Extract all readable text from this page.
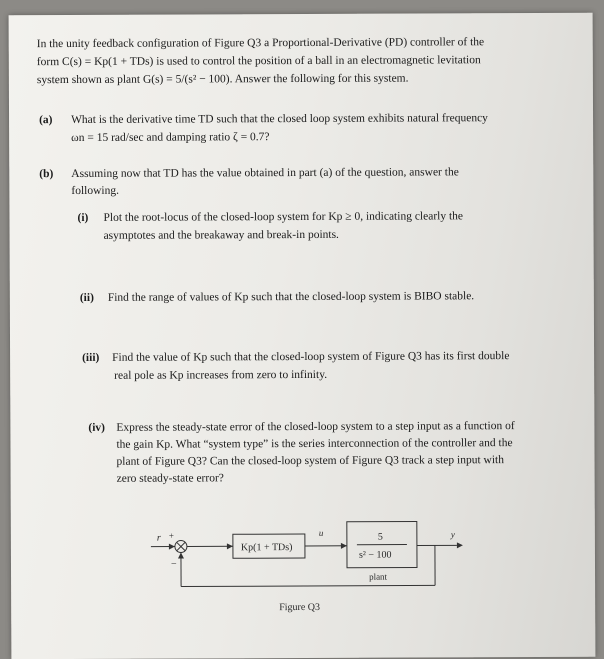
In the unity feedback configuration of Figure Q3 a Proportional-Derivative (PD) controller of the
form C(s) = Kp(1 + TDs) is used to control the position of a ball in an electromagnetic levitation
system shown as plant G(s) = 5/(s² − 100). Answer the following for this system.
(a) What is the derivative time TD such that the closed loop system exhibits natural frequency
ωn = 15 rad/sec and damping ratio ζ = 0.7?
(b) Assuming now that TD has the value obtained in part (a) of the question, answer the
following.
(i) Plot the root-locus of the closed-loop system for Kp ≥ 0, indicating clearly the
asymptotes and the breakaway and break-in points.
(ii) Find the range of values of Kp such that the closed-loop system is BIBO stable.
(iii) Find the value of Kp such that the closed-loop system of Figure Q3 has its first double
real pole as Kp increases from zero to infinity.
(iv) Express the steady-state error of the closed-loop system to a step input as a function of
the gain Kp. What “system type” is the series interconnection of the controller and the
plant of Figure Q3? Can the closed-loop system of Figure Q3 track a step input with
zero steady-state error?
r +
−
Kp(1 + TDs)
u	5
s² − 100
plant
y
Figure Q3
